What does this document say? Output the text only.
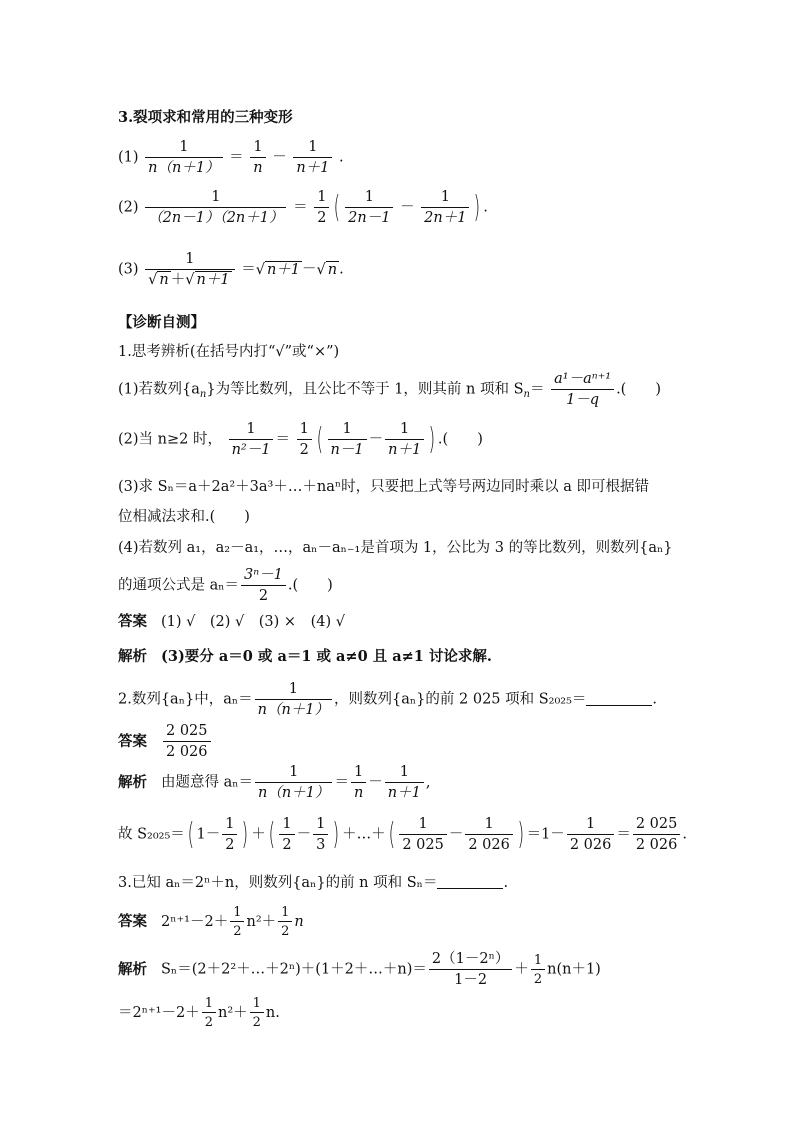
3.裂项求和常用的三种变形
$(1) \frac{1}{n(n+1)} = \frac{1}{n} - \frac{1}{n+1}$ .
$(2) \frac{1}{(2n-1)(2n+1)} = \frac{1}{2}$ ( $\frac{1}{2n-1} - \frac{1}{2n+1}$ ) .
$(3) \frac{1}{√ n +√ n+1}$ ＝√ n＋1 －√ n .
【诊断自测】
1.思考辨析(在括号内打“√”或“×”)
(1)若数列$\{a_n\}$为等比数列，且公比不等于 1，则其前 n 项和 $S_n= \frac{\text{a¹－aⁿ⁺¹}}{1-q}$ .(　　)
(2)当 n≥2 时， $\frac{1}{\text{n²－1}} = \frac{1}{2}$ ( $\frac{1}{n-1} - \frac{1}{n+1}$ ) .(　　)
(3)求 Sₙ＝a＋2a²＋3a³＋…＋naⁿ时，只要把上式等号两边同时乘以 a 即可根据错
位相减法求和.(　　)
(4)若数列 a₁，a₂－a₁，…，aₙ－aₙ₋₁是首项为 1，公比为 3 的等比数列，则数列{aₙ}
的通项公式是 $a_n= \frac{\text{3ⁿ－1}}{2}$ .(　　)
答案 (1) √　(2) √　(3) ×　(4) √
解析 (3)要分 a＝0 或 a＝1 或 a≠0 且 a≠1 讨论求解.
2.数列{aₙ}中，$a_n= \frac{1}{n(n+1)}$ ，则数列{aₙ}的前 2 025 项和 S₂₀₂₅＝	.
答案 $\frac{2 025}{2 026}$
解析 由题意得 $a_n= \frac{1}{n(n+1)} = \frac{1}{n} - \frac{1}{n+1}$ ,
故 S₂₀₂₅＝( $1- \frac{1}{2}$ ) ＋( $\frac{1}{2} - \frac{1}{3}$ ) ＋…＋( $\frac{1}{2 025} - \frac{1}{2 026}$ ) $=1- \frac{1}{2 026} = \frac{2 025}{2 026}$ .
3.已知 aₙ＝2ⁿ＋n，则数列{aₙ}的前 n 项和 Sₙ＝	.
答案 $2^{n+1}-2+ \frac{1}{2} n^2+ \frac{1}{2}$ n
解析 Sₙ＝(2＋2²＋…＋2ⁿ)＋(1＋2＋…＋n)＝ $\frac{\text{2（1－2ⁿ）}}{1-2} + \frac{1}{2} n(n+1)$
$=2^{n+1}-2+ \frac{1}{2} n^2+ \frac{1}{2} n$.
